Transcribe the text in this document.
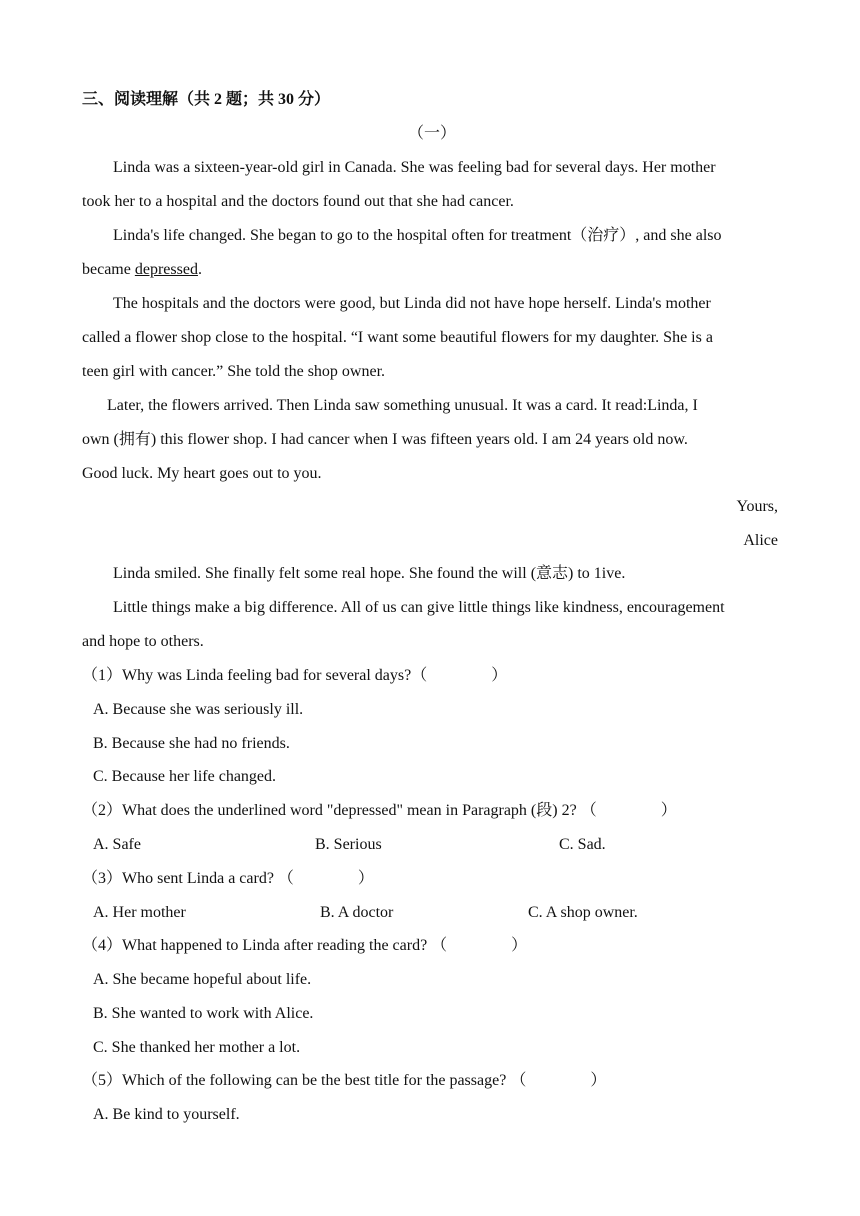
三、阅读理解（共 2 题；共 30 分）

（一）

Linda was a sixteen-year-old girl in Canada. She was feeling bad for several days. Her mother

took her to a hospital and the doctors found out that she had cancer.

Linda's life changed. She began to go to the hospital often for treatment（治疗）, and she also

became depressed.

The hospitals and the doctors were good, but Linda did not have hope herself. Linda's mother

called a flower shop close to the hospital. “I want some beautiful flowers for my daughter. She is a

teen girl with cancer.” She told the shop owner.

Later, the flowers arrived. Then Linda saw something unusual. It was a card. It read:Linda, I

own (拥有) this flower shop. I had cancer when I was fifteen years old. I am 24 years old now.

Good luck. My heart goes out to you.

Yours,

Alice

Linda smiled. She finally felt some real hope. She found the will (意志) to 1ive.

Little things make a big difference. All of us can give little things like kindness, encouragement

and hope to others.

（1）Why was Linda feeling bad for several days?（　　　　）

A. Because she was seriously ill.

B. Because she had no friends.

C. Because her life changed.

（2）What does the underlined word "depressed" mean in Paragraph (段) 2? （　　　　）

A. Safe	B. Serious	C. Sad.

（3）Who sent Linda a card? （　　　　）

A. Her mother	B. A doctor	C. A shop owner.

（4）What happened to Linda after reading the card? （　　　　）

A. She became hopeful about life.

B. She wanted to work with Alice.

C. She thanked her mother a lot.

（5）Which of the following can be the best title for the passage? （　　　　）

A. Be kind to yourself.
